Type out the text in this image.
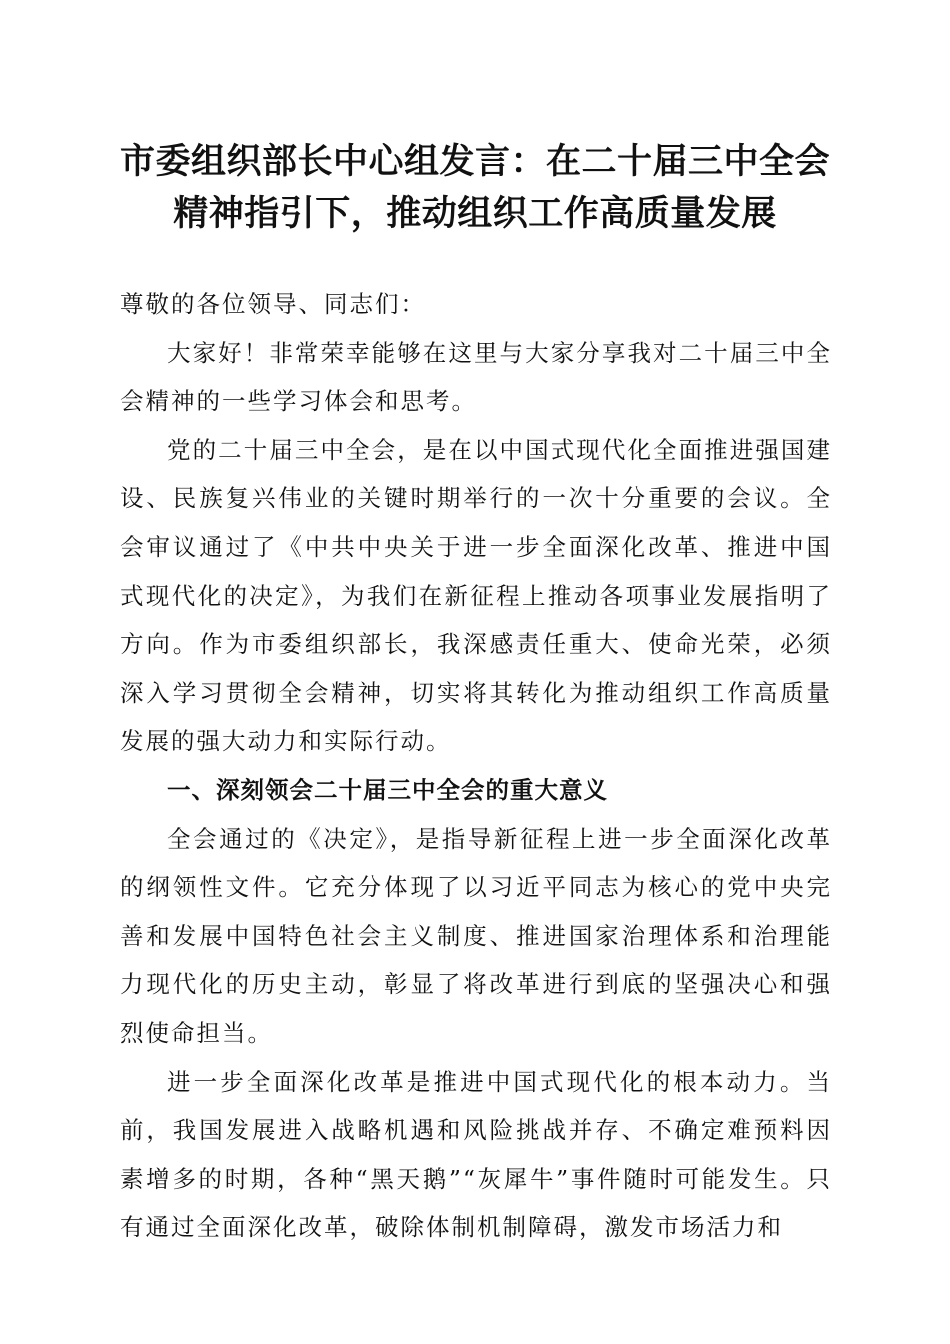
市委组织部长中心组发言：在二十届三中全会
精神指引下，推动组织工作高质量发展

尊敬的各位领导、同志们：

大家好！非常荣幸能够在这里与大家分享我对二十届三中全会精神的一些学习体会和思考。

党的二十届三中全会，是在以中国式现代化全面推进强国建设、民族复兴伟业的关键时期举行的一次十分重要的会议。全会审议通过了《中共中央关于进一步全面深化改革、推进中国式现代化的决定》，为我们在新征程上推动各项事业发展指明了方向。作为市委组织部长，我深感责任重大、使命光荣，必须深入学习贯彻全会精神，切实将其转化为推动组织工作高质量发展的强大动力和实际行动。

一、深刻领会二十届三中全会的重大意义

全会通过的《决定》，是指导新征程上进一步全面深化改革的纲领性文件。它充分体现了以习近平同志为核心的党中央完善和发展中国特色社会主义制度、推进国家治理体系和治理能力现代化的历史主动，彰显了将改革进行到底的坚强决心和强烈使命担当。

进一步全面深化改革是推进中国式现代化的根本动力。当前，我国发展进入战略机遇和风险挑战并存、不确定难预料因素增多的时期，各种“黑天鹅”“灰犀牛”事件随时可能发生。只有通过全面深化改革，破除体制机制障碍，激发市场活力和
